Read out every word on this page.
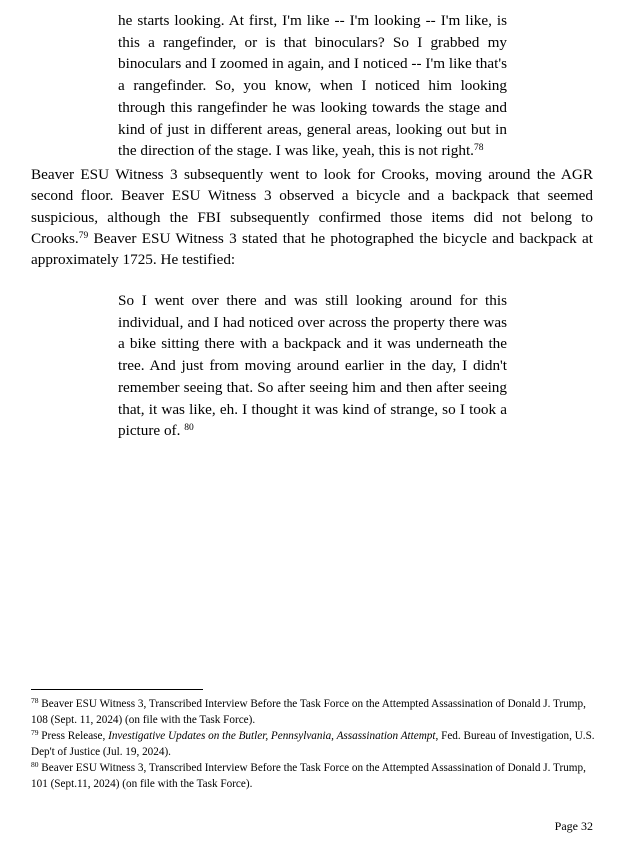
he starts looking. At first, I'm like -- I'm looking -- I'm like, is this a rangefinder, or is that binoculars? So I grabbed my binoculars and I zoomed in again, and I noticed -- I'm like that's a rangefinder. So, you know, when I noticed him looking through this rangefinder he was looking towards the stage and kind of just in different areas, general areas, looking out but in the direction of the stage. I was like, yeah, this is not right.$^{78}$

Beaver ESU Witness 3 subsequently went to look for Crooks, moving around the AGR second floor. Beaver ESU Witness 3 observed a bicycle and a backpack that seemed suspicious, although the FBI subsequently confirmed those items did not belong to Crooks.$^{79}$ Beaver ESU Witness 3 stated that he photographed the bicycle and backpack at approximately 1725. He testified:

So I went over there and was still looking around for this individual, and I had noticed over across the property there was a bike sitting there with a backpack and it was underneath the tree. And just from moving around earlier in the day, I didn't remember seeing that. So after seeing him and then after seeing that, it was like, eh. I thought it was kind of strange, so I took a picture of. $^{80}$

$^{78}$ Beaver ESU Witness 3, Transcribed Interview Before the Task Force on the Attempted Assassination of Donald J. Trump, 108 (Sept. 11, 2024) (on file with the Task Force).

$^{79}$ Press Release, Investigative Updates on the Butler, Pennsylvania, Assassination Attempt, Fed. Bureau of Investigation, U.S. Dep't of Justice (Jul. 19, 2024).

$^{80}$ Beaver ESU Witness 3, Transcribed Interview Before the Task Force on the Attempted Assassination of Donald J. Trump, 101 (Sept.11, 2024) (on file with the Task Force).

Page 32
